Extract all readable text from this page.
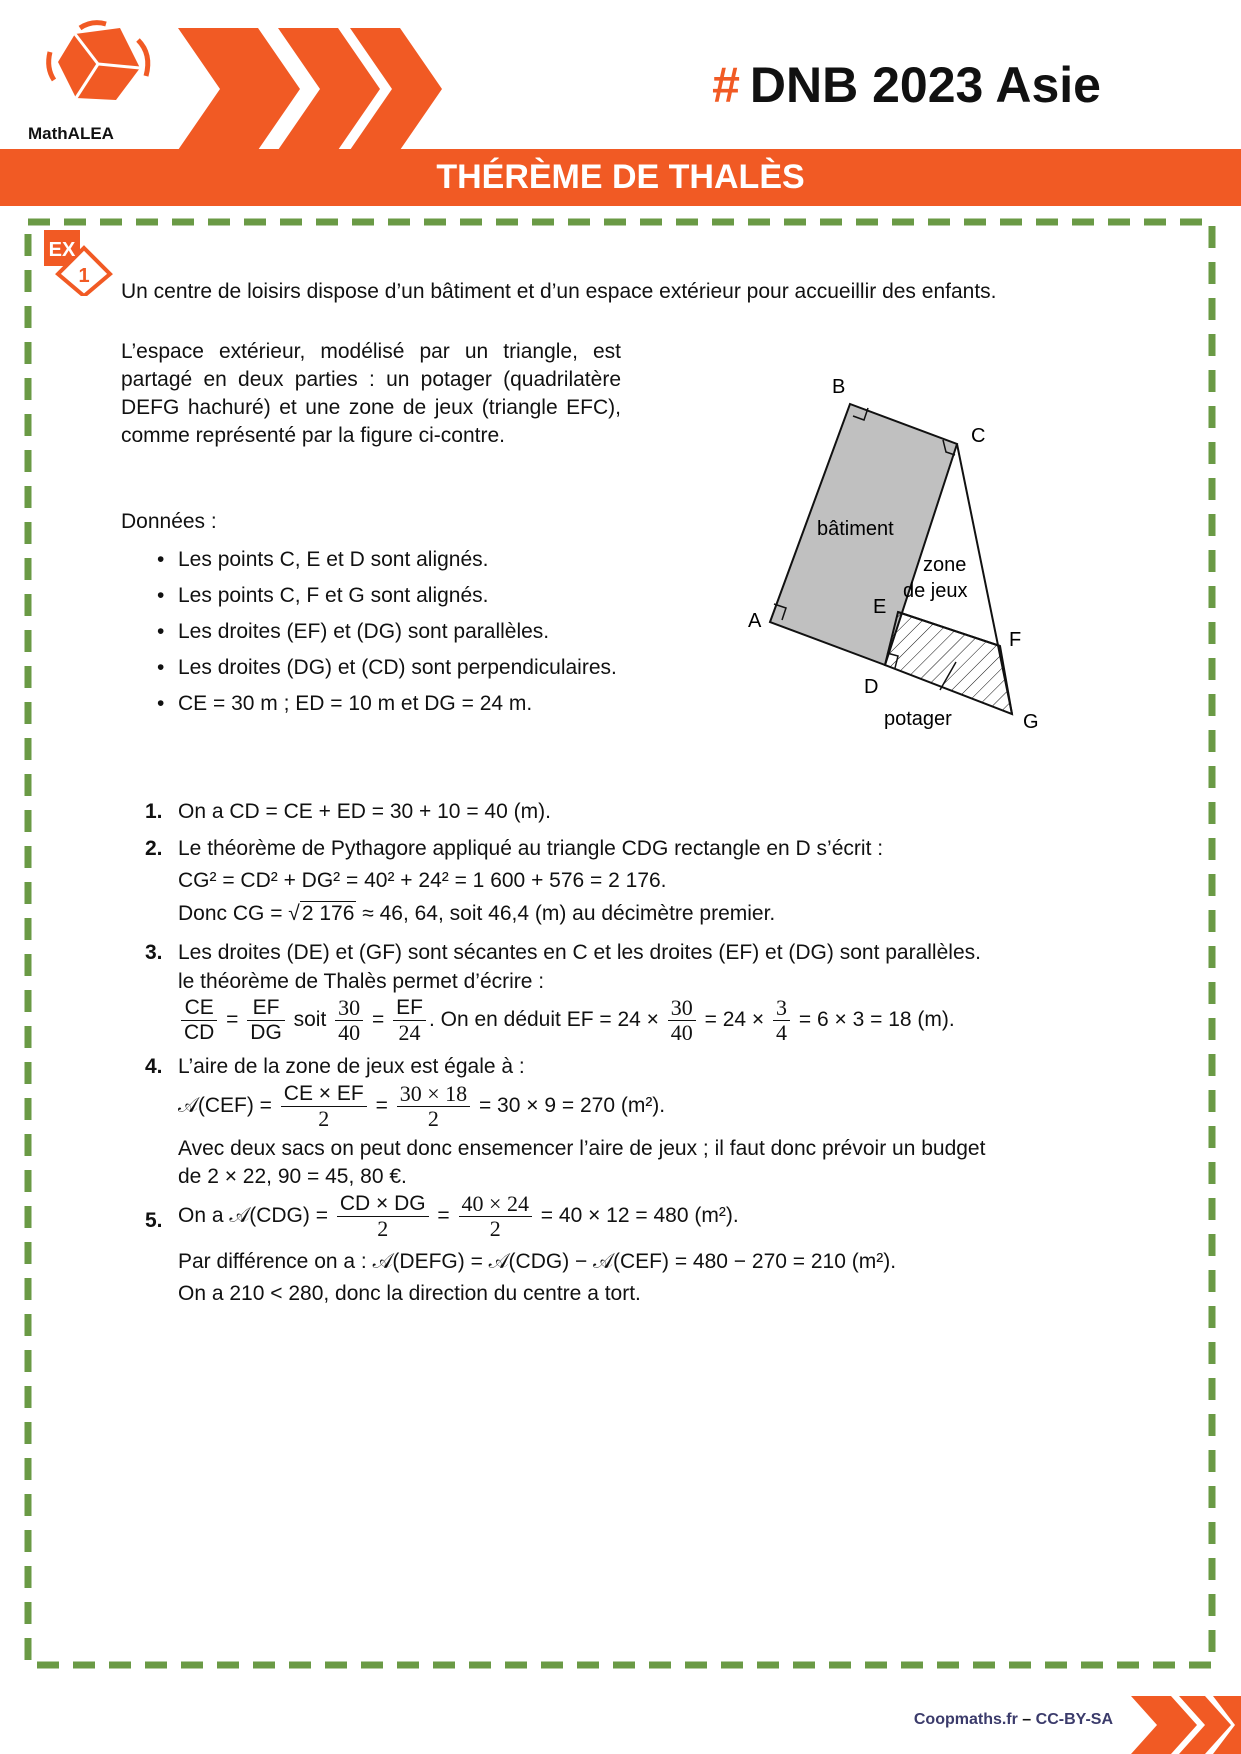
MathALEA
# DNB 2023 Asie
THÉRÈME DE THALÈS
EX
1
Un centre de loisirs dispose d’un bâtiment et d’un espace extérieur pour accueillir des enfants.
L’espace extérieur, modélisé par un triangle, est partagé en deux parties : un potager (quadrilatère DEFG hachuré) et une zone de jeux (triangle EFC), comme représenté par la figure ci-contre.
Données :
• Les points C, E et D sont alignés.
• Les points C, F et G sont alignés.
• Les droites (EF) et (DG) sont parallèles.
• Les droites (DG) et (CD) sont perpendiculaires.
• CE = 30 m ; ED = 10 m et DG = 24 m.
A
B
C
D
E
F
G
bâtiment
zone
de jeux
potager
1. On a CD = CE + ED = 30 + 10 = 40 (m).
2. Le théorème de Pythagore appliqué au triangle CDG rectangle en D s’écrit :
CG² = CD² + DG² = 40² + 24² = 1 600 + 576 = 2 176.
Donc CG = √2 176 ≈ 46, 64, soit 46,4 (m) au décimètre premier.
3. Les droites (DE) et (GF) sont sécantes en C et les droites (EF) et (DG) sont parallèles.
le théorème de Thalès permet d’écrire :
$\frac{CE}{CD} = \frac{EF}{DG}$ soit $\frac{30}{40} = \frac{EF}{24}$ . On en déduit EF = $24 \times \frac{30}{40} = 24 \times \frac{3}{4} = 6 \times 3 = 18$ (m).
4. L’aire de la zone de jeux est égale à :
𝒜(CEF) = $\frac{CE \times EF}{2} = \frac{30 \times 18}{2} = 30 \times 9 = 270$ (m²).
Avec deux sacs on peut donc ensemencer l’aire de jeux ; il faut donc prévoir un budget
de 2 × 22, 90 = 45, 80 €.
5. On a 𝒜(CDG) = $\frac{CD \times DG}{2} = \frac{40 \times 24}{2} = 40 \times 12 = 480$ (m²).
Par différence on a : 𝒜(DEFG) = 𝒜(CDG) − 𝒜(CEF) = 480 − 270 = 210 (m²).
On a 210 < 280, donc la direction du centre a tort.
Coopmaths.fr – CC-BY-SA
